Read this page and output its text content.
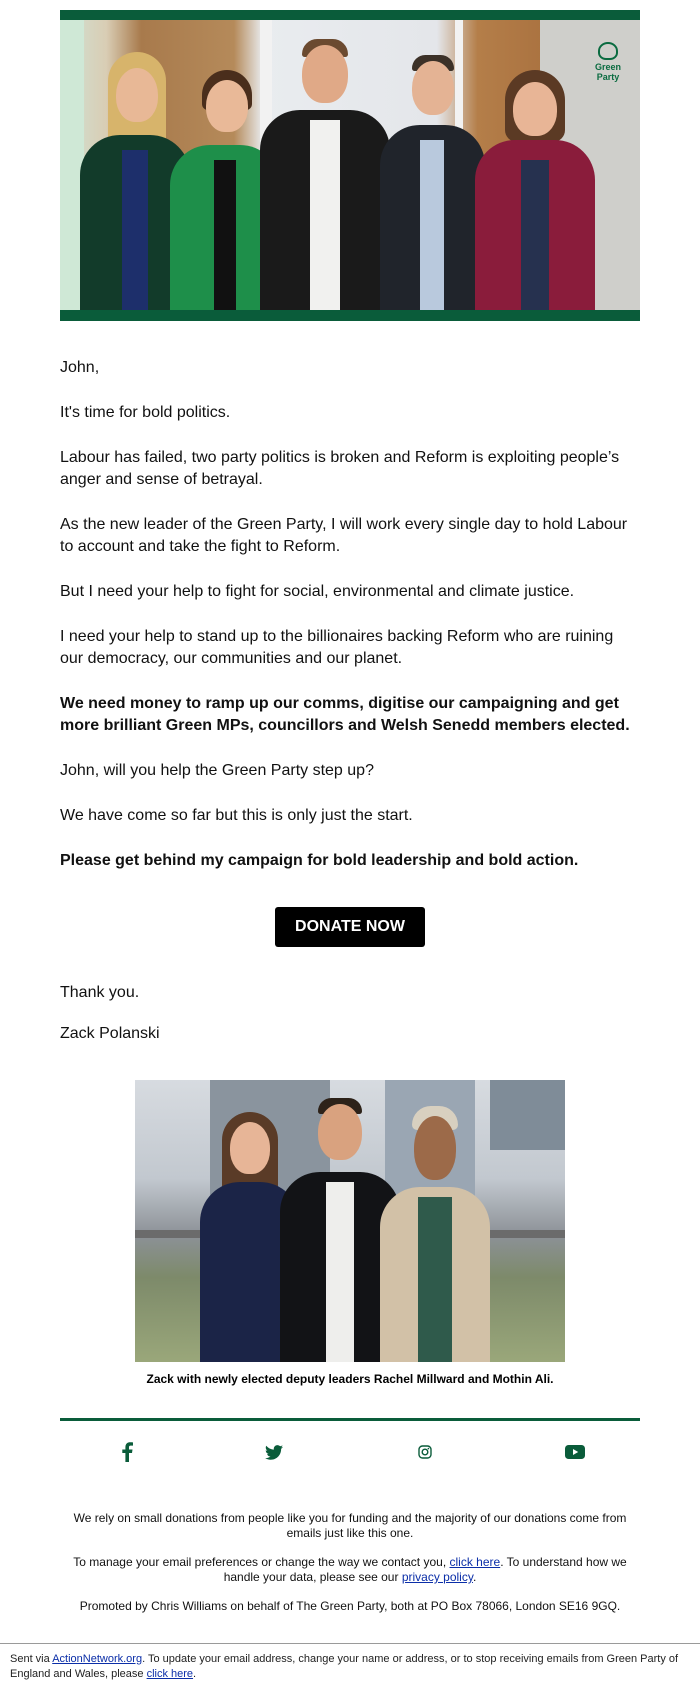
Green Party
John,
It's time for bold politics.
Labour has failed, two party politics is broken and Reform is exploiting people’s anger and sense of betrayal.
As the new leader of the Green Party, I will work every single day to hold Labour to account and take the fight to Reform.
But I need your help to fight for social, environmental and climate justice.
I need your help to stand up to the billionaires backing Reform who are ruining our democracy, our communities and our planet.
We need money to ramp up our comms, digitise our campaigning and get more brilliant Green MPs, councillors and Welsh Senedd members elected.
John, will you help the Green Party step up?
We have come so far but this is only just the start.
Please get behind my campaign for bold leadership and bold action.
DONATE NOW
Thank you.
Zack Polanski
Zack with newly elected deputy leaders Rachel Millward and Mothin Ali.
We rely on small donations from people like you for funding and the majority of our donations come from emails just like this one.
To manage your email preferences or change the way we contact you, click here. To understand how we handle your data, please see our privacy policy.
Promoted by Chris Williams on behalf of The Green Party, both at PO Box 78066, London SE16 9GQ.
Sent via ActionNetwork.org. To update your email address, change your name or address, or to stop receiving emails from Green Party of England and Wales, please click here.
